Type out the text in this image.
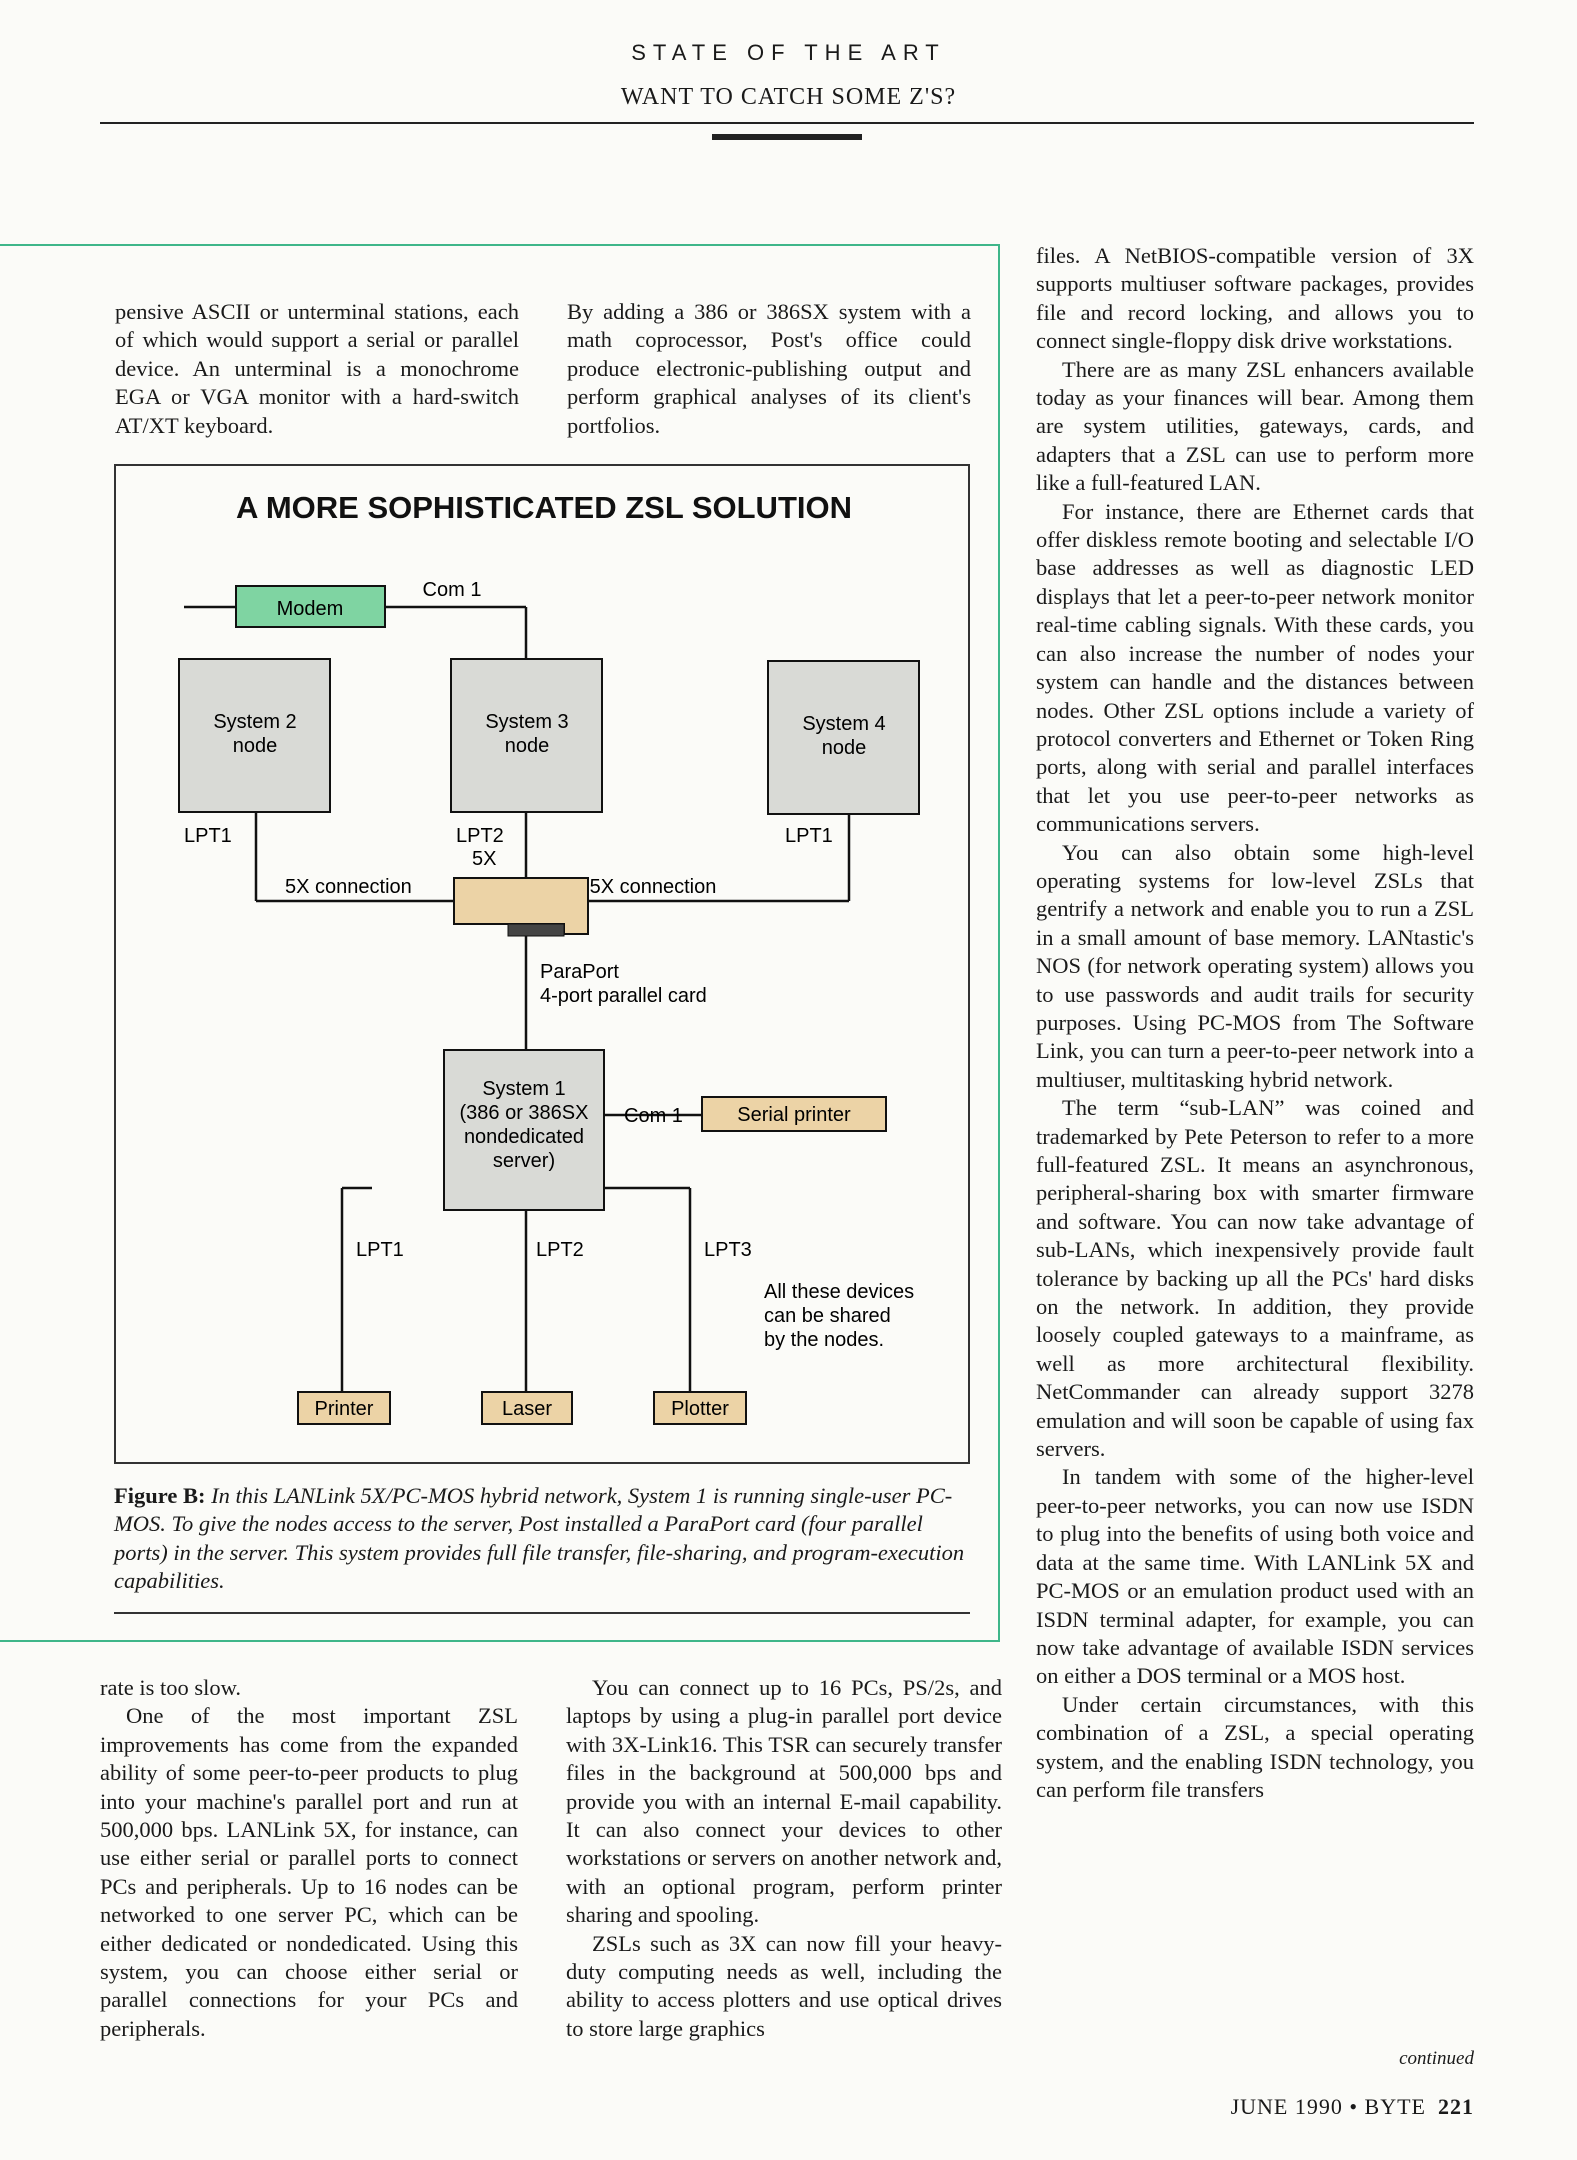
STATE OF THE ART
WANT TO CATCH SOME Z'S?

pensive ASCII or unterminal stations, each of which would support a serial or parallel device. An unterminal is a monochrome EGA or VGA monitor with a hard-switch AT/XT keyboard.

By adding a 386 or 386SX system with a math coprocessor, Post's office could produce electronic-publishing output and perform graphical analyses of its client's portfolios.

A MORE SOPHISTICATED ZSL SOLUTION
Modem
Com 1
System 2
node
System 3
node
System 4
node
LPT1	LPT2
5X
LPT1
5X connection	5X connection
ParaPort
4-port parallel card
System 1
(386 or 386SX
nondedicated
server)
Com 1	Serial printer
LPT1	LPT2	LPT3
All these devices
can be shared
by the nodes.
Printer	Laser	Plotter
Figure B: In this LANLink 5X/PC-MOS hybrid network, System 1 is running single-user PC-MOS. To give the nodes access to the server, Post installed a ParaPort card (four parallel ports) in the server. This system provides full file transfer, file-sharing, and program-execution capabilities.

files. A NetBIOS-compatible version of 3X supports multiuser software packages, provides file and record locking, and allows you to connect single-floppy disk drive workstations.

There are as many ZSL enhancers available today as your finances will bear. Among them are system utilities, gateways, cards, and adapters that a ZSL can use to perform more like a full-featured LAN.

For instance, there are Ethernet cards that offer diskless remote booting and selectable I/O base addresses as well as diagnostic LED displays that let a peer-to-peer network monitor real-time cabling signals. With these cards, you can also increase the number of nodes your system can handle and the distances between nodes. Other ZSL options include a variety of protocol converters and Ethernet or Token Ring ports, along with serial and parallel interfaces that let you use peer-to-peer networks as communications servers.

You can also obtain some high-level operating systems for low-level ZSLs that gentrify a network and enable you to run a ZSL in a small amount of base memory. LANtastic's NOS (for network operating system) allows you to use passwords and audit trails for security purposes. Using PC-MOS from The Software Link, you can turn a peer-to-peer network into a multiuser, multitasking hybrid network.

The term “sub-LAN” was coined and trademarked by Pete Peterson to refer to a more full-featured ZSL. It means an asynchronous, peripheral-sharing box with smarter firmware and software. You can now take advantage of sub-LANs, which inexpensively provide fault tolerance by backing up all the PCs' hard disks on the network. In addition, they provide loosely coupled gateways to a mainframe, as well as more architectural flexibility. NetCommander can already support 3278 emulation and will soon be capable of using fax servers.

In tandem with some of the higher-level peer-to-peer networks, you can now use ISDN to plug into the benefits of using both voice and data at the same time. With LANLink 5X and PC-MOS or an emulation product used with an ISDN terminal adapter, for example, you can now take advantage of available ISDN services on either a DOS terminal or a MOS host.

Under certain circumstances, with this combination of a ZSL, a special operating system, and the enabling ISDN technology, you can perform file transfers

continued

rate is too slow.

One of the most important ZSL improvements has come from the expanded ability of some peer-to-peer products to plug into your machine's parallel port and run at 500,000 bps. LANLink 5X, for instance, can use either serial or parallel ports to connect PCs and peripherals. Up to 16 nodes can be networked to one server PC, which can be either dedicated or nondedicated. Using this system, you can choose either serial or parallel connections for your PCs and peripherals.

You can connect up to 16 PCs, PS/2s, and laptops by using a plug-in parallel port device with 3X-Link16. This TSR can securely transfer files in the background at 500,000 bps and provide you with an internal E-mail capability. It can also connect your devices to other workstations or servers on another network and, with an optional program, perform printer sharing and spooling.

ZSLs such as 3X can now fill your heavy-duty computing needs as well, including the ability to access plotters and use optical drives to store large graphics

JUNE 1990 • BYTE 221
